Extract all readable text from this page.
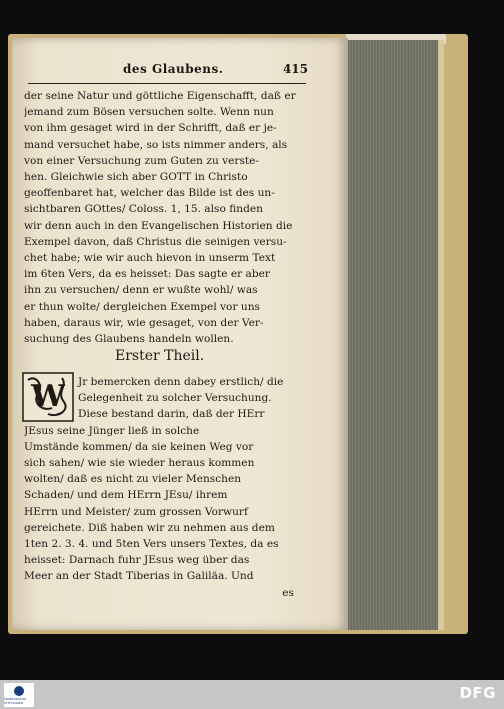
des Glaubens.	415
der seine Natur und göttliche Eigenschafft, daß er
jemand zum Bösen versuchen solte. Wenn nun
von ihm gesaget wird in der Schrifft, daß er je-
mand versuchet habe, so ists nimmer anders, als
von einer Versuchung zum Guten zu verste-
hen. Gleichwie sich aber GOTT in Christo
geoffenbaret hat, welcher das Bilde ist des un-
sichtbaren GOttes/ Coloss. 1, 15. also finden
wir denn auch in den Evangelischen Historien die
Exempel davon, daß Christus die seinigen versu-
chet habe; wie wir auch hievon in unserm Text
im 6ten Vers, da es heisset: Das sagte er aber
ihn zu versuchen/ denn er wußte wohl/ was
er thun wolte/ dergleichen Exempel vor uns
haben, daraus wir, wie gesaget, von der Ver-
suchung des Glaubens handeln wollen.
Erster Theil.
W	Jr bemercken denn dabey erstlich/ die
Gelegenheit zu solcher Versuchung.
Diese bestand darin, daß der HErr
JEsus seine Jünger ließ in solche
Umstände kommen/ da sie keinen Weg vor
sich sahen/ wie sie wieder heraus kommen
wolten/ daß es nicht zu vieler Menschen
Schaden/ und dem HErrn JEsu/ ihrem
HErrn und Meister/ zum grossen Vorwurf
gereichete. Diß haben wir zu nehmen aus dem
1ten 2. 3. 4. und 5ten Vers unsers Textes, da es
heisset: Darnach fuhr JEsus weg über das
Meer an der Stadt Tiberias in Galiläa. Und
es
FRANCKESCHE STIFTUNGEN
DFG
